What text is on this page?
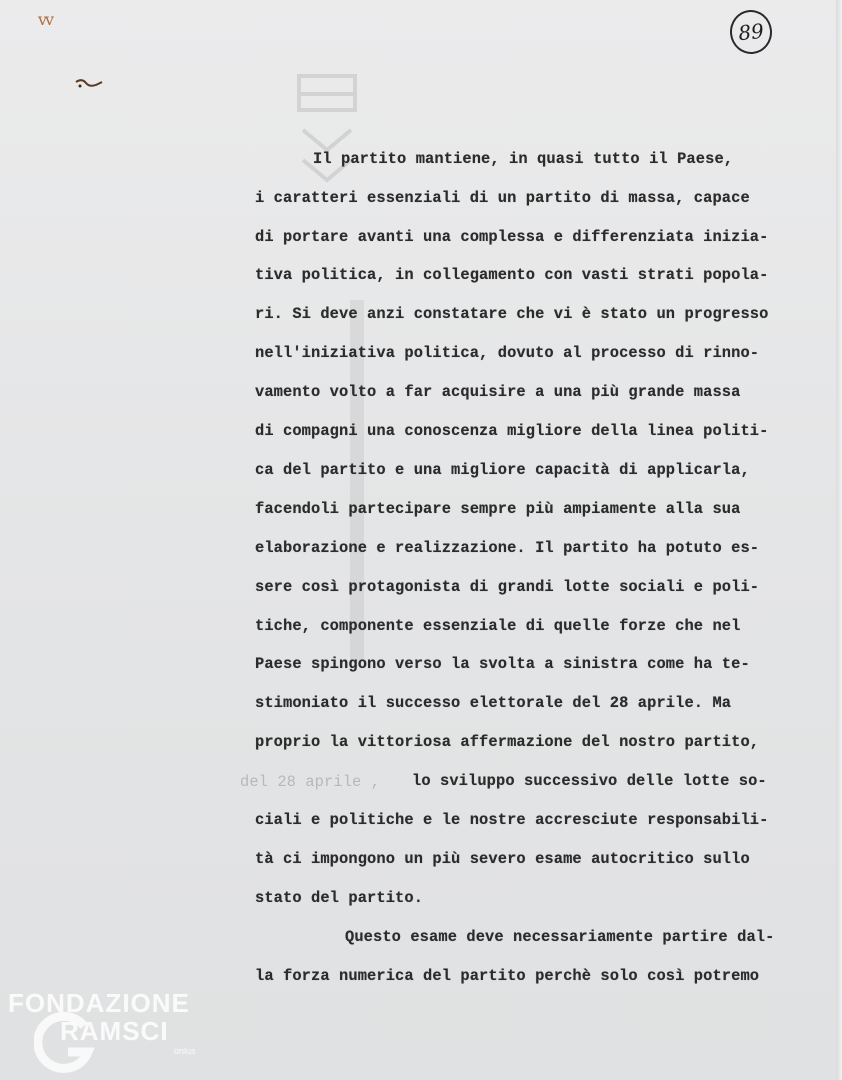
vv	89
Il partito mantiene, in quasi tutto il Paese,
i caratteri essenziali di un partito di massa, capace
di portare avanti una complessa e differenziata inizia-
tiva politica, in collegamento con vasti strati popola-
ri. Si deve anzi constatare che vi è stato un progresso
nell'iniziativa politica, dovuto al processo di rinno-
vamento volto a far acquisire a una più grande massa
di compagni una conoscenza migliore della linea politi-
ca del partito e una migliore capacità di applicarla,
facendoli partecipare sempre più ampiamente alla sua
elaborazione e realizzazione. Il partito ha potuto es-
sere così protagonista di grandi lotte sociali e poli-
tiche, componente essenziale di quelle forze che nel
Paese spingono verso la svolta a sinistra come ha te-
stimoniato il successo elettorale del 28 aprile. Ma
proprio la vittoriosa affermazione del nostro partito,
del 28 aprile ,	lo sviluppo successivo delle lotte so-
ciali e politiche e le nostre accresciute responsabili-
tà ci impongono un più severo esame autocritico sullo
stato del partito.
Questo esame deve necessariamente partire dal-
la forza numerica del partito perchè solo così potremo
FONDAZIONE
RAMSCI
onlus
